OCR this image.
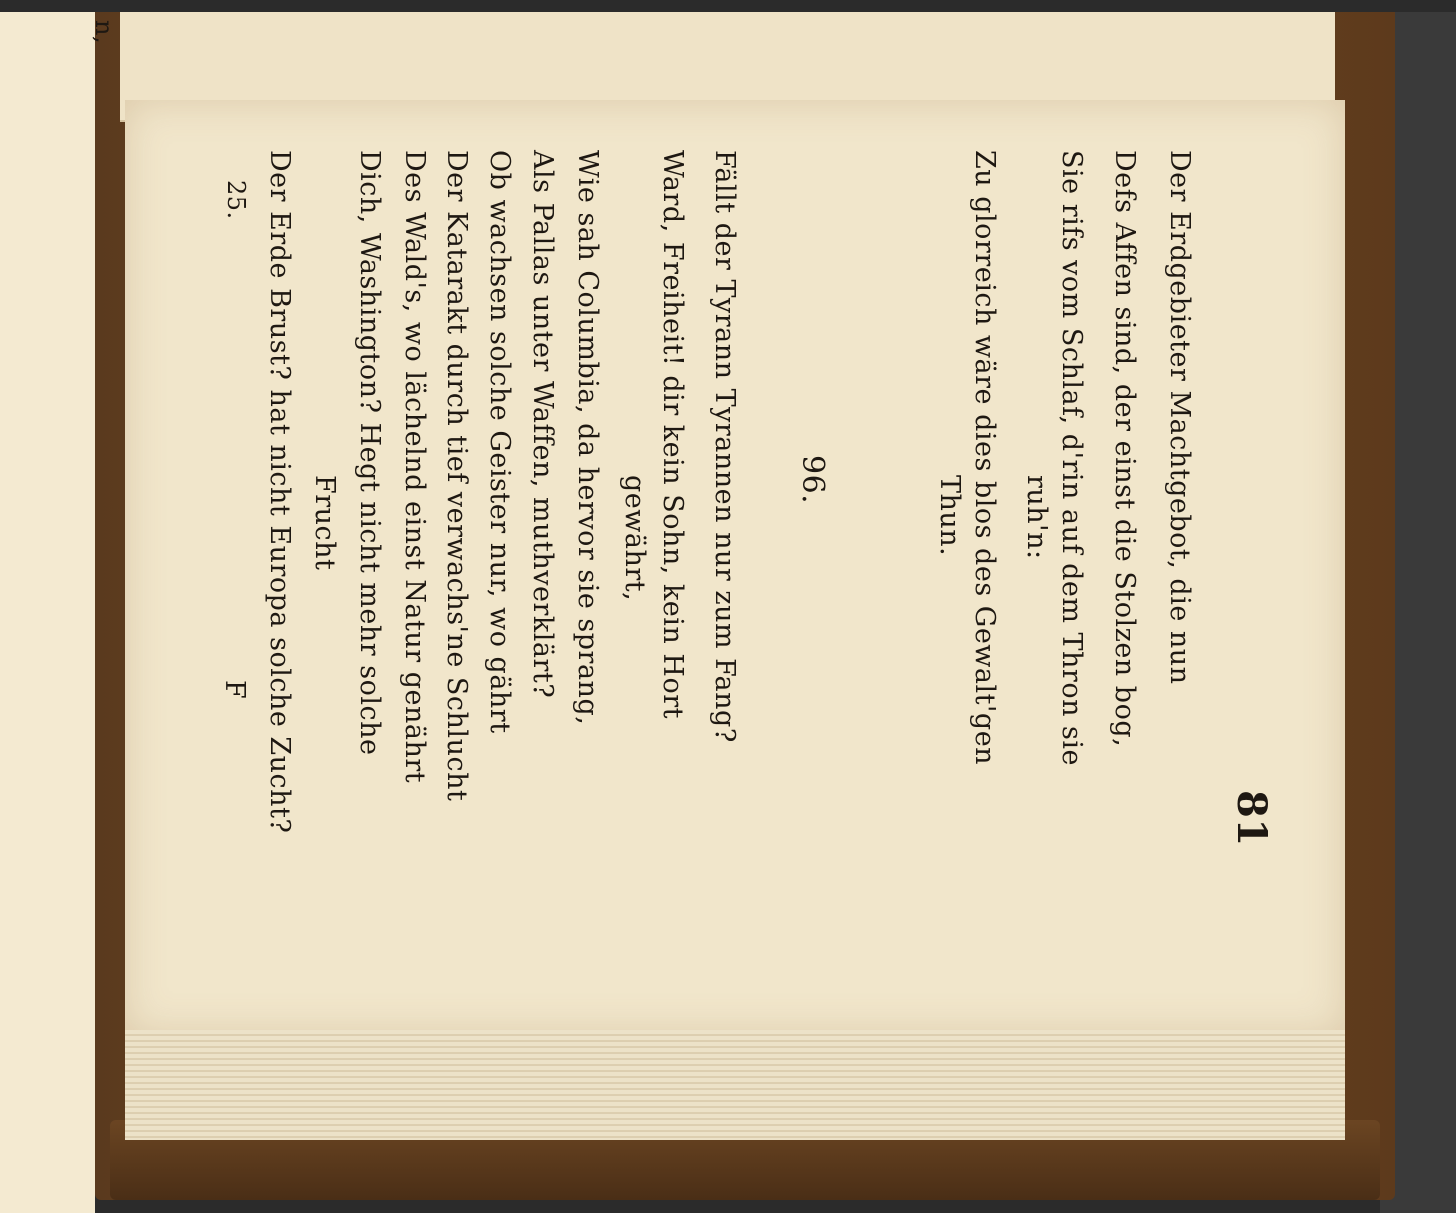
n,
81
Der Erdgebieter Machtgebot, die nun
Defs Affen sind, der einst die Stolzen bog,
Sie rifs vom Schlaf, d'rin auf dem Thron sie
ruh'n:
Zu glorreich wäre dies blos des Gewalt'gen
Thun.
96.
Fällt der Tyrann Tyrannen nur zum Fang?
Ward, Freiheit! dir kein Sohn, kein Hort
gewährt,
Wie sah Columbia, da hervor sie sprang,
Als Pallas unter Waffen, muthverklärt?
Ob wachsen solche Geister nur, wo gährt
Der Katarakt durch tief verwachs'ne Schlucht
Des Wald's, wo lächelnd einst Natur genährt
Dich, Washington? Hegt nicht mehr solche
Frucht
Der Erde Brust? hat nicht Europa solche Zucht?
25.
F
